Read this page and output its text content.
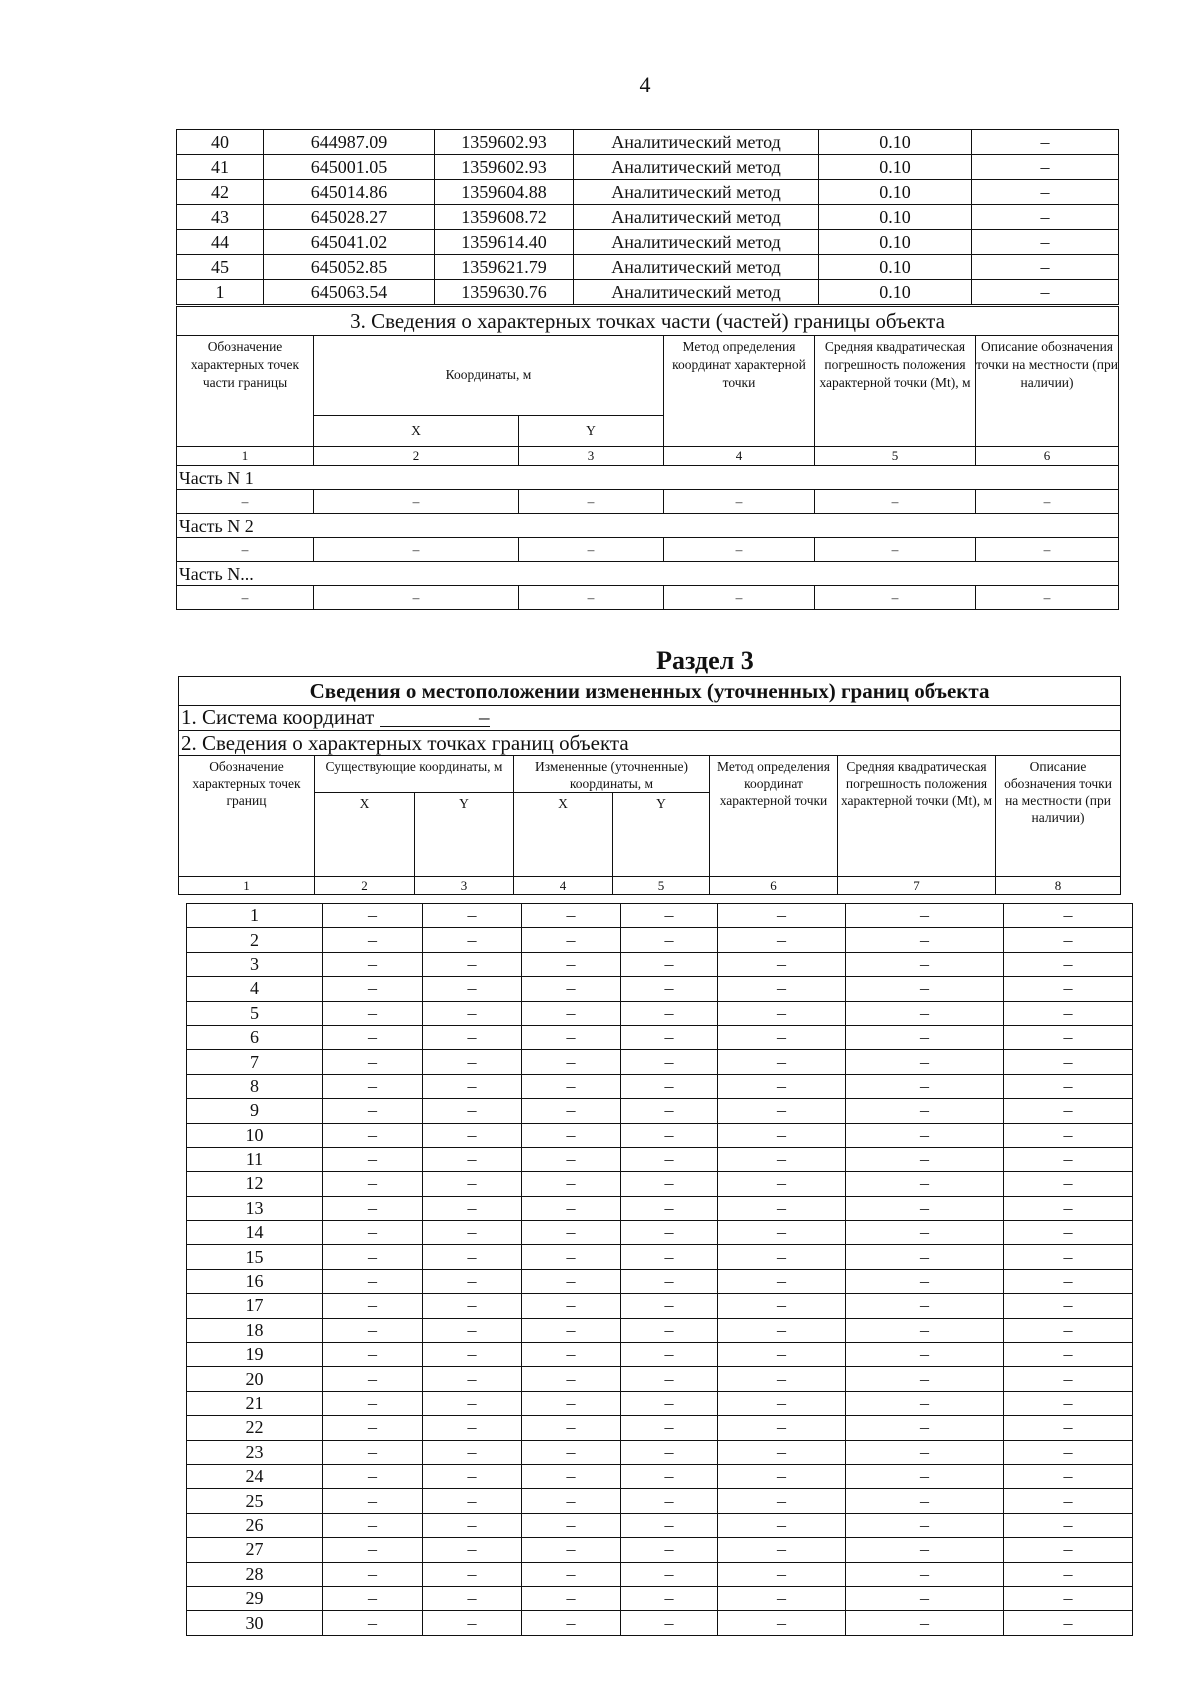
4
40	644987.09	1359602.93	Аналитический метод	0.10	–
41	645001.05	1359602.93	Аналитический метод	0.10	–
42	645014.86	1359604.88	Аналитический метод	0.10	–
43	645028.27	1359608.72	Аналитический метод	0.10	–
44	645041.02	1359614.40	Аналитический метод	0.10	–
45	645052.85	1359621.79	Аналитический метод	0.10	–
1	645063.54	1359630.76	Аналитический метод	0.10	–
3. Сведения о характерных точках части (частей) границы объекта					
Обозначение характерных точек части границы	Координаты, м		Метод определения координат характерной точки	Средняя квадратическая погрешность положения характерной точки (Mt), м	Описание обозначения точки на местности (при наличии)
	X	Y			
1	2	3	4	5	6
Часть N 1					
–	–	–	–	–	–
Часть N 2					
–	–	–	–	–	–
Часть N...					
–	–	–	–	–	–
Раздел 3
Сведения о местоположении измененных (уточненных) границ объекта							
1. Система координат –							
2. Сведения о характерных точках границ объекта							
Обозначение характерных точек границ	Существующие координаты, м		Измененные (уточненные) координаты, м		Метод определения координат характерной точки	Средняя квадратическая погрешность положения характерной точки (Mt), м	Описание обозначения точки на местности (при наличии)
	X	Y	X	Y			
1	2	3	4	5	6	7	8
1	–	–	–	–	–	–	–
2	–	–	–	–	–	–	–
3	–	–	–	–	–	–	–
4	–	–	–	–	–	–	–
5	–	–	–	–	–	–	–
6	–	–	–	–	–	–	–
7	–	–	–	–	–	–	–
8	–	–	–	–	–	–	–
9	–	–	–	–	–	–	–
10	–	–	–	–	–	–	–
11	–	–	–	–	–	–	–
12	–	–	–	–	–	–	–
13	–	–	–	–	–	–	–
14	–	–	–	–	–	–	–
15	–	–	–	–	–	–	–
16	–	–	–	–	–	–	–
17	–	–	–	–	–	–	–
18	–	–	–	–	–	–	–
19	–	–	–	–	–	–	–
20	–	–	–	–	–	–	–
21	–	–	–	–	–	–	–
22	–	–	–	–	–	–	–
23	–	–	–	–	–	–	–
24	–	–	–	–	–	–	–
25	–	–	–	–	–	–	–
26	–	–	–	–	–	–	–
27	–	–	–	–	–	–	–
28	–	–	–	–	–	–	–
29	–	–	–	–	–	–	–
30	–	–	–	–	–	–	–
